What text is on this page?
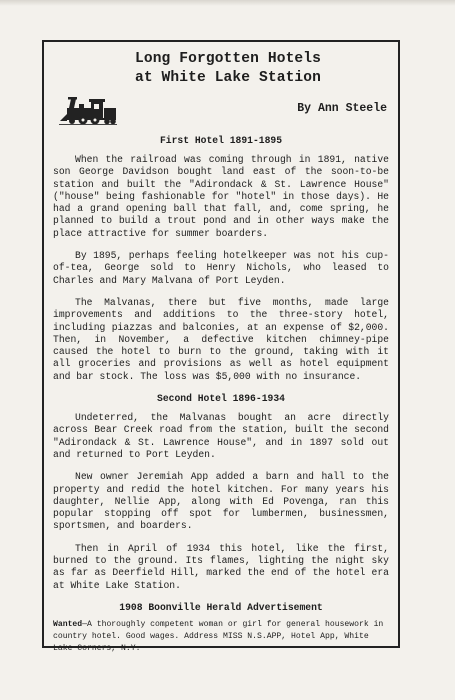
Long Forgotten Hotels
at White Lake Station
By Ann Steele
First Hotel 1891-1895

When the railroad was coming through in 1891, native son George Davidson bought land east of the soon-to-be station and built the "Adirondack & St. Lawrence House" ("house" being fashionable for "hotel" in those days). He had a grand opening ball that fall, and, come spring, he planned to build a trout pond and in other ways make the place attractive for summer boarders.

By 1895, perhaps feeling hotelkeeper was not his cup-of-tea, George sold to Henry Nichols, who leased to Charles and Mary Malvana of Port Leyden.

The Malvanas, there but five months, made large improvements and additions to the three-story hotel, including piazzas and balconies, at an expense of $2,000. Then, in November, a defective kitchen chimney-pipe caused the hotel to burn to the ground, taking with it all groceries and provisions as well as hotel equipment and bar stock. The loss was $5,000 with no insurance.

Second Hotel 1896-1934

Undeterred, the Malvanas bought an acre directly across Bear Creek road from the station, built the second "Adirondack & St. Lawrence House", and in 1897 sold out and returned to Port Leyden.

New owner Jeremiah App added a barn and hall to the property and redid the hotel kitchen. For many years his daughter, Nellie App, along with Ed Povenga, ran this popular stopping off spot for lumbermen, businessmen, sportsmen, and boarders.

Then in April of 1934 this hotel, like the first, burned to the ground. Its flames, lighting the night sky as far as Deerfield Hill, marked the end of the hotel era at White Lake Station.

1908 Boonville Herald Advertisement

Wanted—A thoroughly competent woman or girl for general housework in country hotel. Good wages. Address MISS N.S.APP, Hotel App, White Lake Corners, N.Y.
